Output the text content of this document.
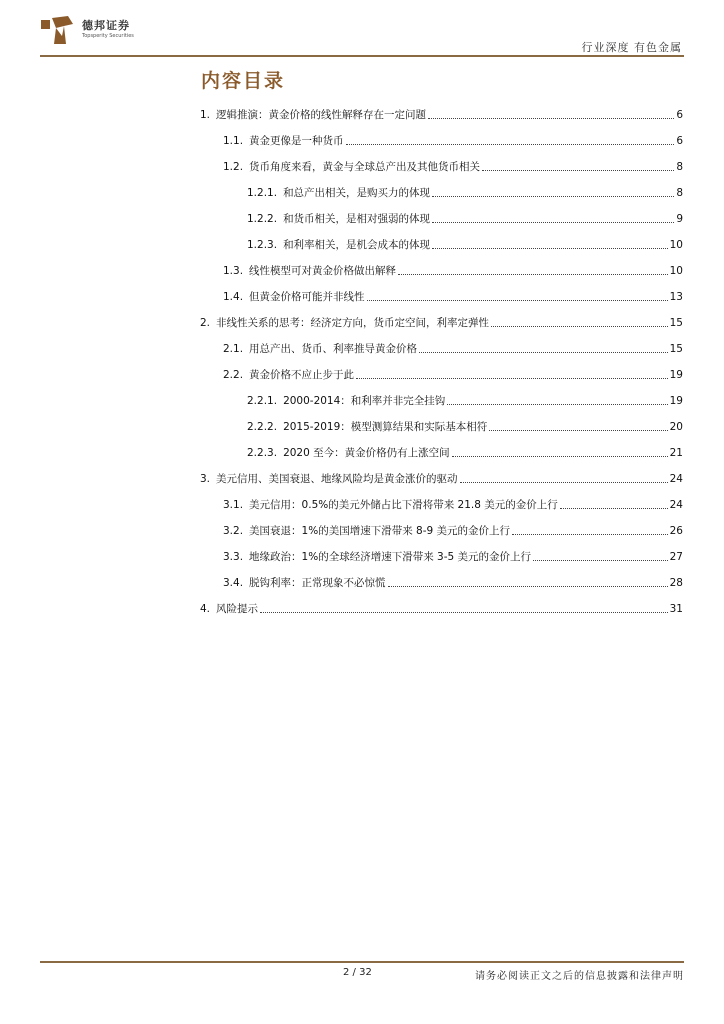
德邦证券
Topsperity Securities
行业深度 有色金属
内容目录
1. 逻辑推演：黄金价格的线性解释存在一定问题	6
1.1. 黄金更像是一种货币	6
1.2. 货币角度来看，黄金与全球总产出及其他货币相关	8
1.2.1. 和总产出相关，是购买力的体现	8
1.2.2. 和货币相关，是相对强弱的体现	9
1.2.3. 和利率相关，是机会成本的体现	10
1.3. 线性模型可对黄金价格做出解释	10
1.4. 但黄金价格可能并非线性	13
2. 非线性关系的思考：经济定方向，货币定空间，利率定弹性	15
2.1. 用总产出、货币、利率推导黄金价格	15
2.2. 黄金价格不应止步于此	19
2.2.1. 2000-2014：和利率并非完全挂钩	19
2.2.2. 2015-2019：模型测算结果和实际基本相符	20
2.2.3. 2020 至今：黄金价格仍有上涨空间	21
3. 美元信用、美国衰退、地缘风险均是黄金涨价的驱动	24
3.1. 美元信用：0.5%的美元外储占比下滑将带来 21.8 美元的金价上行	24
3.2. 美国衰退：1%的美国增速下滑带来 8-9 美元的金价上行	26
3.3. 地缘政治：1%的全球经济增速下滑带来 3-5 美元的金价上行	27
3.4. 脱钩利率：正常现象不必惊慌	28
4. 风险提示	31
2 / 32	请务必阅读正文之后的信息披露和法律声明
